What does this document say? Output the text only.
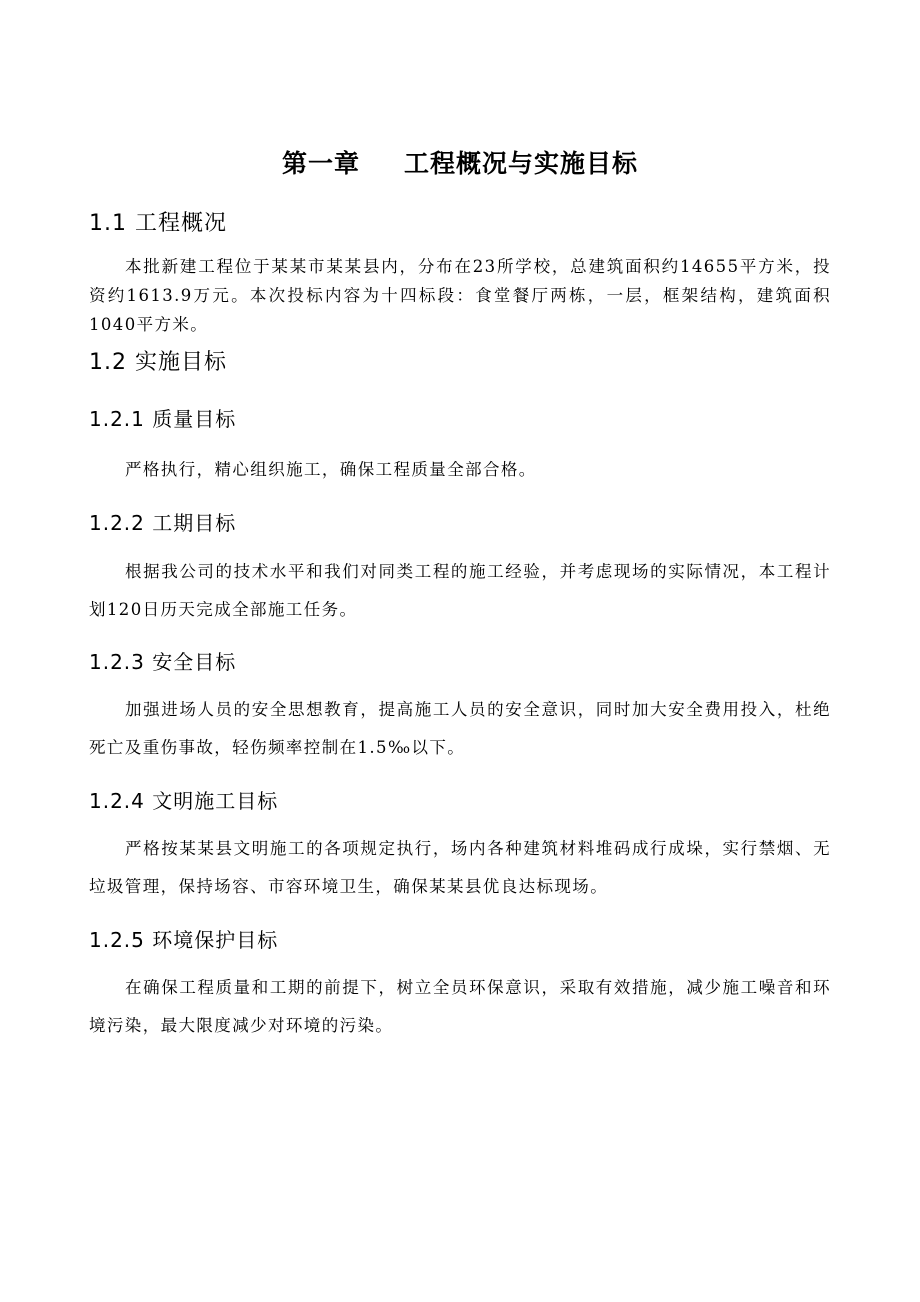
第一章 工程概况与实施目标
1.1 工程概况

本批新建工程位于某某市某某县内，分布在23所学校，总建筑面积约14655平方米，投资约1613.9万元。本次投标内容为十四标段：食堂餐厅两栋，一层，框架结构，建筑面积1040平方米。

1.2 实施目标
1.2.1 质量目标

严格执行，精心组织施工，确保工程质量全部合格。

1.2.2 工期目标

根据我公司的技术水平和我们对同类工程的施工经验，并考虑现场的实际情况，本工程计划120日历天完成全部施工任务。

1.2.3 安全目标

加强进场人员的安全思想教育，提高施工人员的安全意识，同时加大安全费用投入，杜绝死亡及重伤事故，轻伤频率控制在1.5‰以下。

1.2.4 文明施工目标

严格按某某县文明施工的各项规定执行，场内各种建筑材料堆码成行成垛，实行禁烟、无垃圾管理，保持场容、市容环境卫生，确保某某县优良达标现场。

1.2.5 环境保护目标

在确保工程质量和工期的前提下，树立全员环保意识，采取有效措施，减少施工噪音和环境污染，最大限度减少对环境的污染。
